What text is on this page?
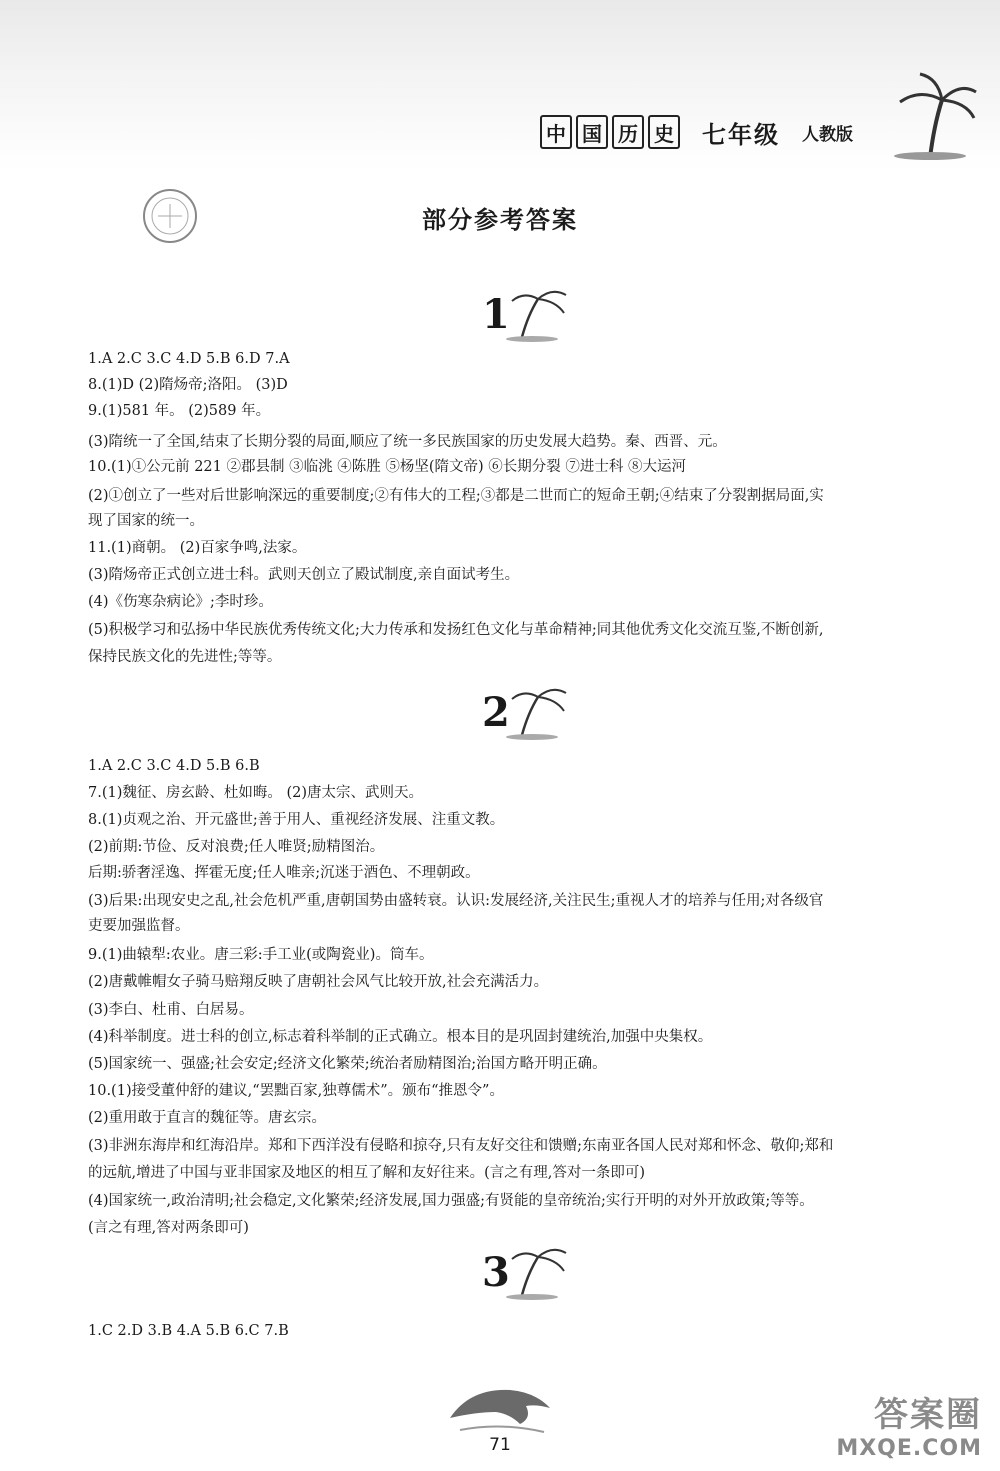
中 国 历 史 七年级 人教版
部分参考答案
1
1.A 2.C 3.C 4.D 5.B 6.D 7.A
8.(1)D (2)隋炀帝;洛阳。 (3)D
9.(1)581 年。 (2)589 年。
(3)隋统一了全国,结束了长期分裂的局面,顺应了统一多民族国家的历史发展大趋势。秦、西晋、元。
10.(1)①公元前 221 ②郡县制 ③临洮 ④陈胜 ⑤杨坚(隋文帝) ⑥长期分裂 ⑦进士科 ⑧大运河
(2)①创立了一些对后世影响深远的重要制度;②有伟大的工程;③都是二世而亡的短命王朝;④结束了分裂割据局面,实
现了国家的统一。
11.(1)商朝。 (2)百家争鸣,法家。
(3)隋炀帝正式创立进士科。武则天创立了殿试制度,亲自面试考生。
(4)《伤寒杂病论》;李时珍。
(5)积极学习和弘扬中华民族优秀传统文化;大力传承和发扬红色文化与革命精神;同其他优秀文化交流互鉴,不断创新,
保持民族文化的先进性;等等。
2
1.A 2.C 3.C 4.D 5.B 6.B
7.(1)魏征、房玄龄、杜如晦。 (2)唐太宗、武则天。
8.(1)贞观之治、开元盛世;善于用人、重视经济发展、注重文教。
(2)前期:节俭、反对浪费;任人唯贤;励精图治。
后期:骄奢淫逸、挥霍无度;任人唯亲;沉迷于酒色、不理朝政。
(3)后果:出现安史之乱,社会危机严重,唐朝国势由盛转衰。认识:发展经济,关注民生;重视人才的培养与任用;对各级官
吏要加强监督。
9.(1)曲辕犁:农业。唐三彩:手工业(或陶瓷业)。筒车。
(2)唐戴帷帽女子骑马赔翔反映了唐朝社会风气比较开放,社会充满活力。
(3)李白、杜甫、白居易。
(4)科举制度。进士科的创立,标志着科举制的正式确立。根本目的是巩固封建统治,加强中央集权。
(5)国家统一、强盛;社会安定;经济文化繁荣;统治者励精图治;治国方略开明正确。
10.(1)接受董仲舒的建议,“罢黜百家,独尊儒术”。颁布“推恩令”。
(2)重用敢于直言的魏征等。唐玄宗。
(3)非洲东海岸和红海沿岸。郑和下西洋没有侵略和掠夺,只有友好交往和馈赠;东南亚各国人民对郑和怀念、敬仰;郑和
的远航,增进了中国与亚非国家及地区的相互了解和友好往来。(言之有理,答对一条即可)
(4)国家统一,政治清明;社会稳定,文化繁荣;经济发展,国力强盛;有贤能的皇帝统治;实行开明的对外开放政策;等等。
(言之有理,答对两条即可)
3
1.C 2.D 3.B 4.A 5.B 6.C 7.B
71
答案圈
MXQE.COM
